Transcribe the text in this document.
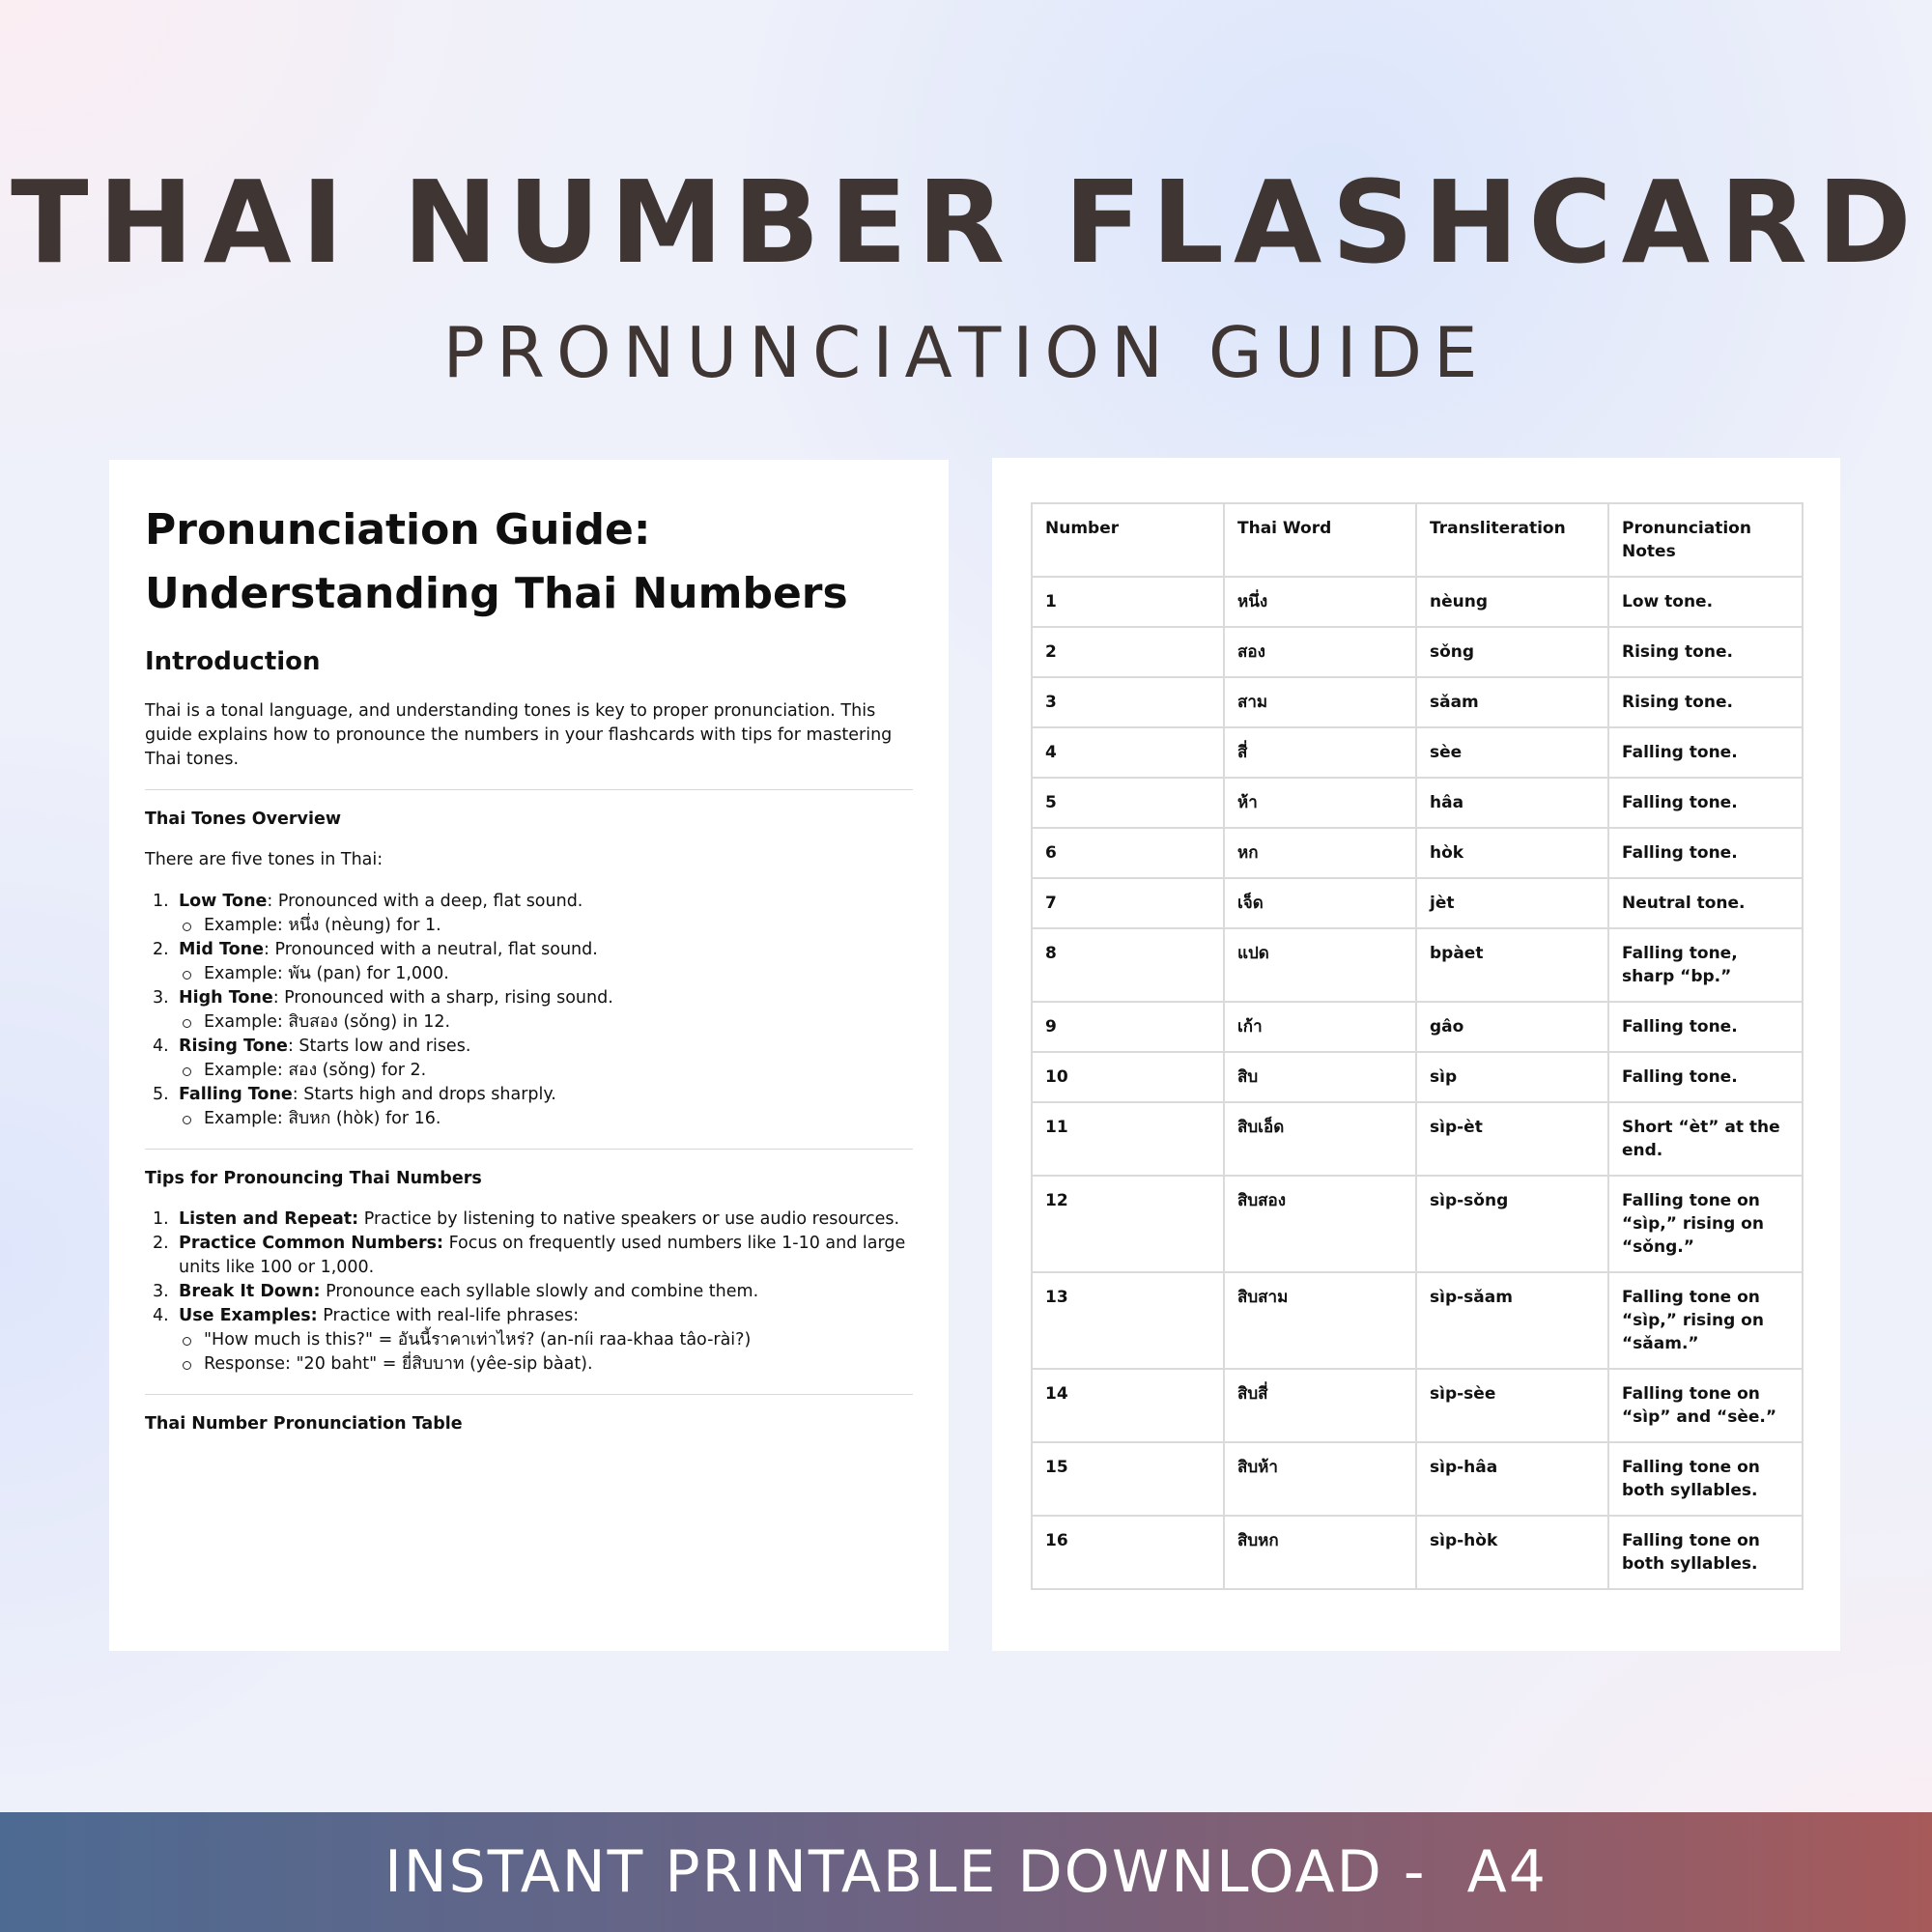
THAI NUMBER FLASHCARD
PRONUNCIATION GUIDE
Pronunciation Guide:
Understanding Thai Numbers
Introduction

Thai is a tonal language, and understanding tones is key to proper pronunciation. This guide explains how to pronounce the numbers in your flashcards with tips for mastering Thai tones.

Thai Tones Overview

There are five tones in Thai:

1. Low Tone: Pronounced with a deep, flat sound.
Example: หนึ่ง (nèung) for 1.
2. Mid Tone: Pronounced with a neutral, flat sound.
Example: พัน (pan) for 1,000.
3. High Tone: Pronounced with a sharp, rising sound.
Example: สิบสอง (sǒng) in 12.
4. Rising Tone: Starts low and rises.
Example: สอง (sǒng) for 2.
5. Falling Tone: Starts high and drops sharply.
Example: สิบหก (hòk) for 16.
Tips for Pronouncing Thai Numbers
1. Listen and Repeat: Practice by listening to native speakers or use audio resources.
2. Practice Common Numbers: Focus on frequently used numbers like 1-10 and large units like 100 or 1,000.
3. Break It Down: Pronounce each syllable slowly and combine them.
4. Use Examples: Practice with real-life phrases:
"How much is this?" = อันนี้ราคาเท่าไหร่? (an-níi raa-khaa tâo-rài?)
Response: "20 baht" = ยี่สิบบาท (yêe-sip bàat).
Thai Number Pronunciation Table
Number	Thai Word	Transliteration	Pronunciation Notes
1	หนึ่ง	nèung	Low tone.
2	สอง	sǒng	Rising tone.
3	สาม	sǎam	Rising tone.
4	สี่	sèe	Falling tone.
5	ห้า	hâa	Falling tone.
6	หก	hòk	Falling tone.
7	เจ็ด	jèt	Neutral tone.
8	แปด	bpàet	Falling tone, sharp “bp.”
9	เก้า	gâo	Falling tone.
10	สิบ	sìp	Falling tone.
11	สิบเอ็ด	sìp-èt	Short “èt” at the end.
12	สิบสอง	sìp-sǒng	Falling tone on “sìp,” rising on “sǒng.”
13	สิบสาม	sìp-sǎam	Falling tone on “sìp,” rising on “sǎam.”
14	สิบสี่	sìp-sèe	Falling tone on “sìp” and “sèe.”
15	สิบห้า	sìp-hâa	Falling tone on both syllables.
16	สิบหก	sìp-hòk	Falling tone on both syllables.
INSTANT PRINTABLE DOWNLOAD -  A4
